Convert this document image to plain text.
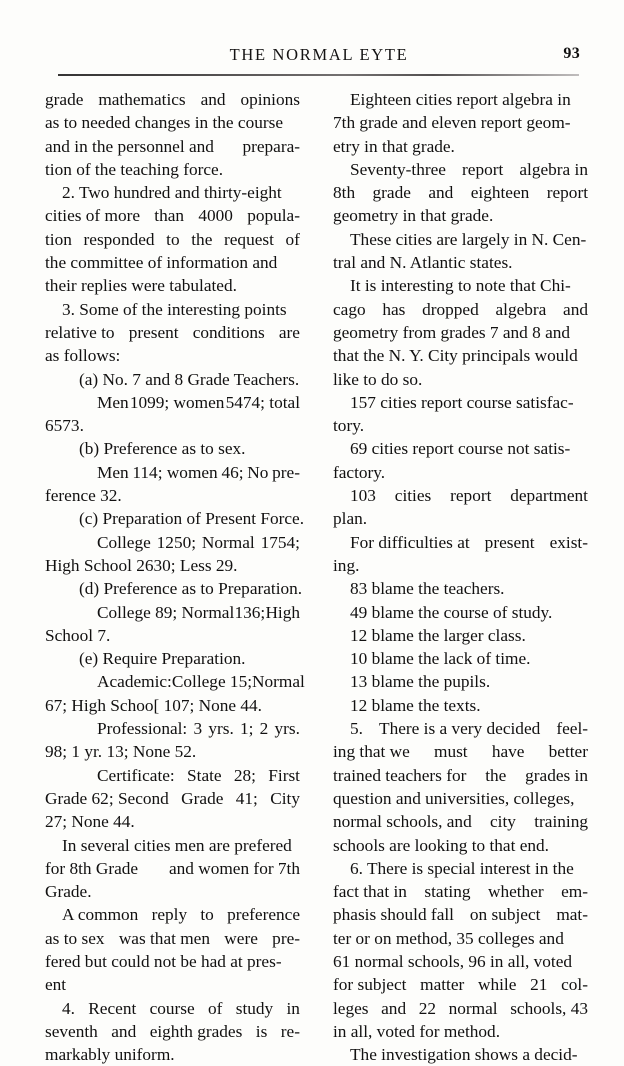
THE NORMAL EYTE	93
grade mathematics and opinions
as to needed changes in the course
and in the personnel and prepara-
tion of the teaching force.
2. Two hundred and thirty-eight
cities of more than 4000 popula-
tion responded to the request of
the committee of information and
their replies were tabulated.
3. Some of the interesting points
relative to present conditions are
as follows:
(a) No. 7 and 8 Grade Teachers.
Men 1099; women 5474; total
6573.
(b) Preference as to sex.
Men 114; women 46; No pre-
ference 32.
(c) Preparation of Present Force.
College 1250; Normal 1754;
High School 2630; Less 29.
(d) Preference as to Preparation.
College 89; Normal 136; High
School 7.
(e) Require Preparation.
Academic: College 15; Normal
67; High Schoo[ 107; None 44.
Professional: 3 yrs. 1; 2 yrs.
98; 1 yr. 13; None 52.
Certificate: State 28; First
Grade 62; Second Grade 41; City
27; None 44.
In several cities men are prefered
for 8th Grade and women for 7th
Grade.
A common reply to preference
as to sex was that men were pre-
fered but could not be had at pres-
ent
4. Recent course of study in
seventh and eighth grades is re-
markably uniform.
Eighteen cities report algebra in
7th grade and eleven report geom-
etry in that grade.
Seventy-three report algebra in
8th grade and eighteen report
geometry in that grade.
These cities are largely in N. Cen-
tral and N. Atlantic states.
It is interesting to note that Chi-
cago has dropped algebra and
geometry from grades 7 and 8 and
that the N. Y. City principals would
like to do so.
157 cities report course satisfac-
tory.
69 cities report course not satis-
factory.
103 cities report department
plan.
For difficulties at present exist-
ing.
83 blame the teachers.
49 blame the course of study.
12 blame the larger class.
10 blame the lack of time.
13 blame the pupils.
12 blame the texts.
5. There is a very decided feel-
ing that we must have better
trained teachers for the grades in
question and universities, colleges,
normal schools, and city training
schools are looking to that end.
6. There is special interest in the
fact that in stating whether em-
phasis should fall on subject mat-
ter or on method, 35 colleges and
61 normal schools, 96 in all, voted
for subject matter while 21 col-
leges and 22 normal schools, 43
in all, voted for method.
The investigation shows a decid-
